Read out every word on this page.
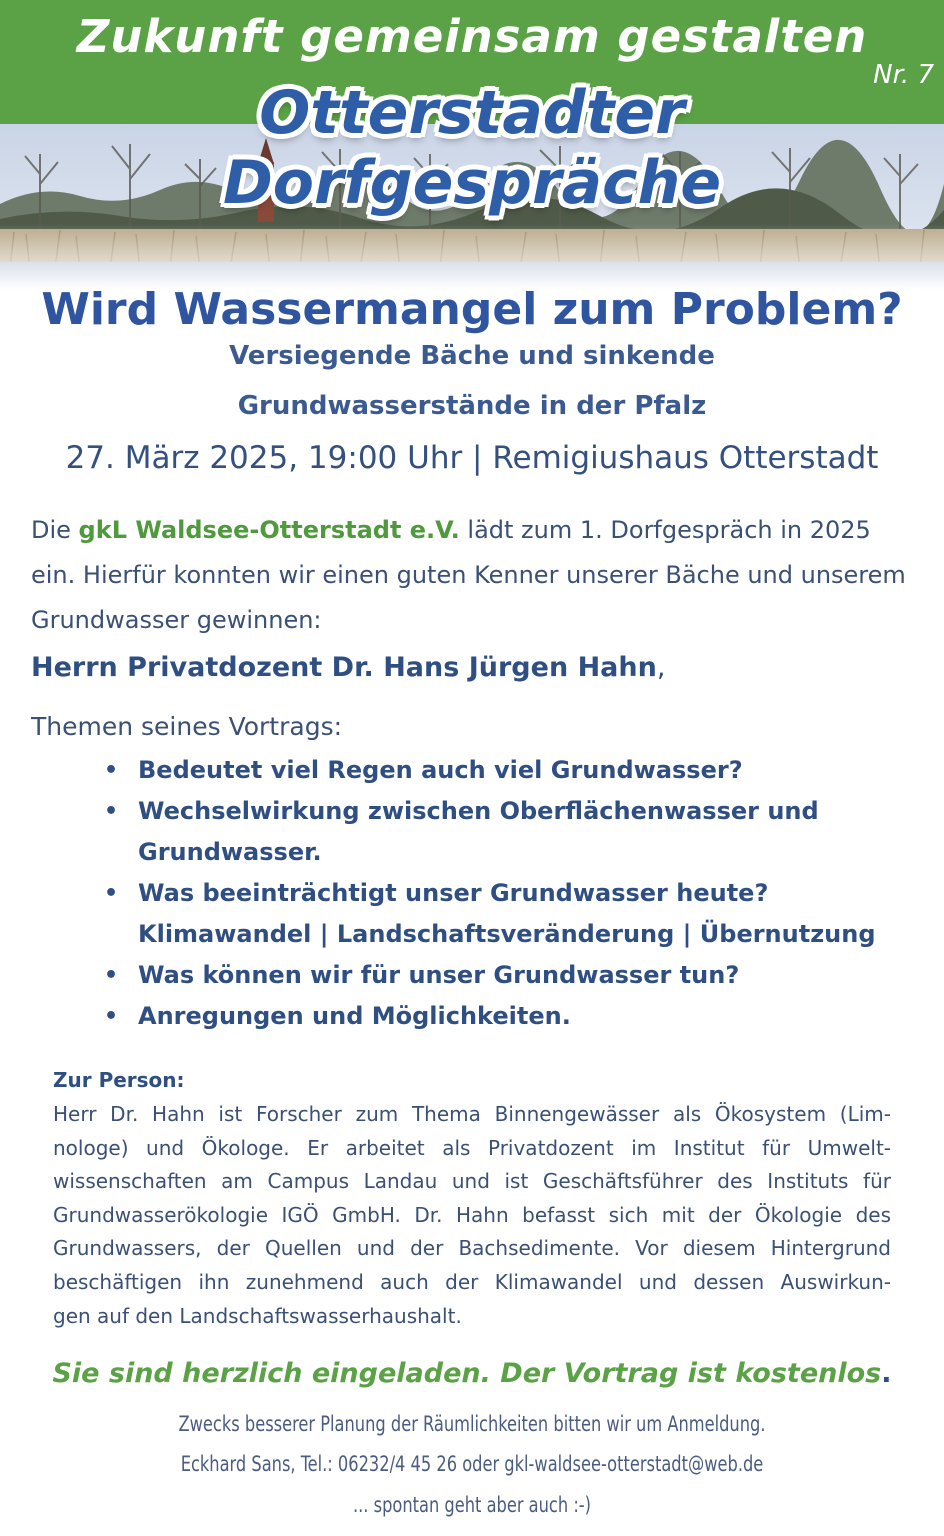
Zukunft gemeinsam gestalten
Nr. 7
Otterstadter Dorfgespräche
Wird Wassermangel zum Problem?
Versiegende Bäche und sinkende
Grundwasserstände in der Pfalz
27. März 2025, 19:00 Uhr | Remigiushaus Otterstadt

Die gkL Waldsee-Otterstadt e.V. lädt zum 1. Dorfgespräch in 2025 ein. Hierfür konnten wir einen guten Kenner unserer Bäche und unserem Grundwasser gewinnen:

Herrn Privatdozent Dr. Hans Jürgen Hahn,
Themen seines Vortrags:
• Bedeutet viel Regen auch viel Grundwasser?
• Wechselwirkung zwischen Oberflächenwasser und
Grundwasser.
• Was beeinträchtigt unser Grundwasser heute?
Klimawandel | Landschaftsveränderung | Übernutzung
• Was können wir für unser Grundwasser tun?
• Anregungen und Möglichkeiten.
Zur Person:
Herr Dr. Hahn ist Forscher zum Thema Binnengewässer als Ökosystem (Lim-
nologe) und Ökologe. Er arbeitet als Privatdozent im Institut für Umwelt-
wissenschaften am Campus Landau und ist Geschäftsführer des Instituts für
Grundwasserökologie IGÖ GmbH. Dr. Hahn befasst sich mit der Ökologie des
Grundwassers, der Quellen und der Bachsedimente. Vor diesem Hintergrund
beschäftigen ihn zunehmend auch der Klimawandel und dessen Auswirkun-
gen auf den Landschaftswasserhaushalt.
Sie sind herzlich eingeladen. Der Vortrag ist kostenlos.
Zwecks besserer Planung der Räumlichkeiten bitten wir um Anmeldung.
Eckhard Sans, Tel.: 06232/4 45 26 oder gkl-waldsee-otterstadt@web.de
... spontan geht aber auch :-)
